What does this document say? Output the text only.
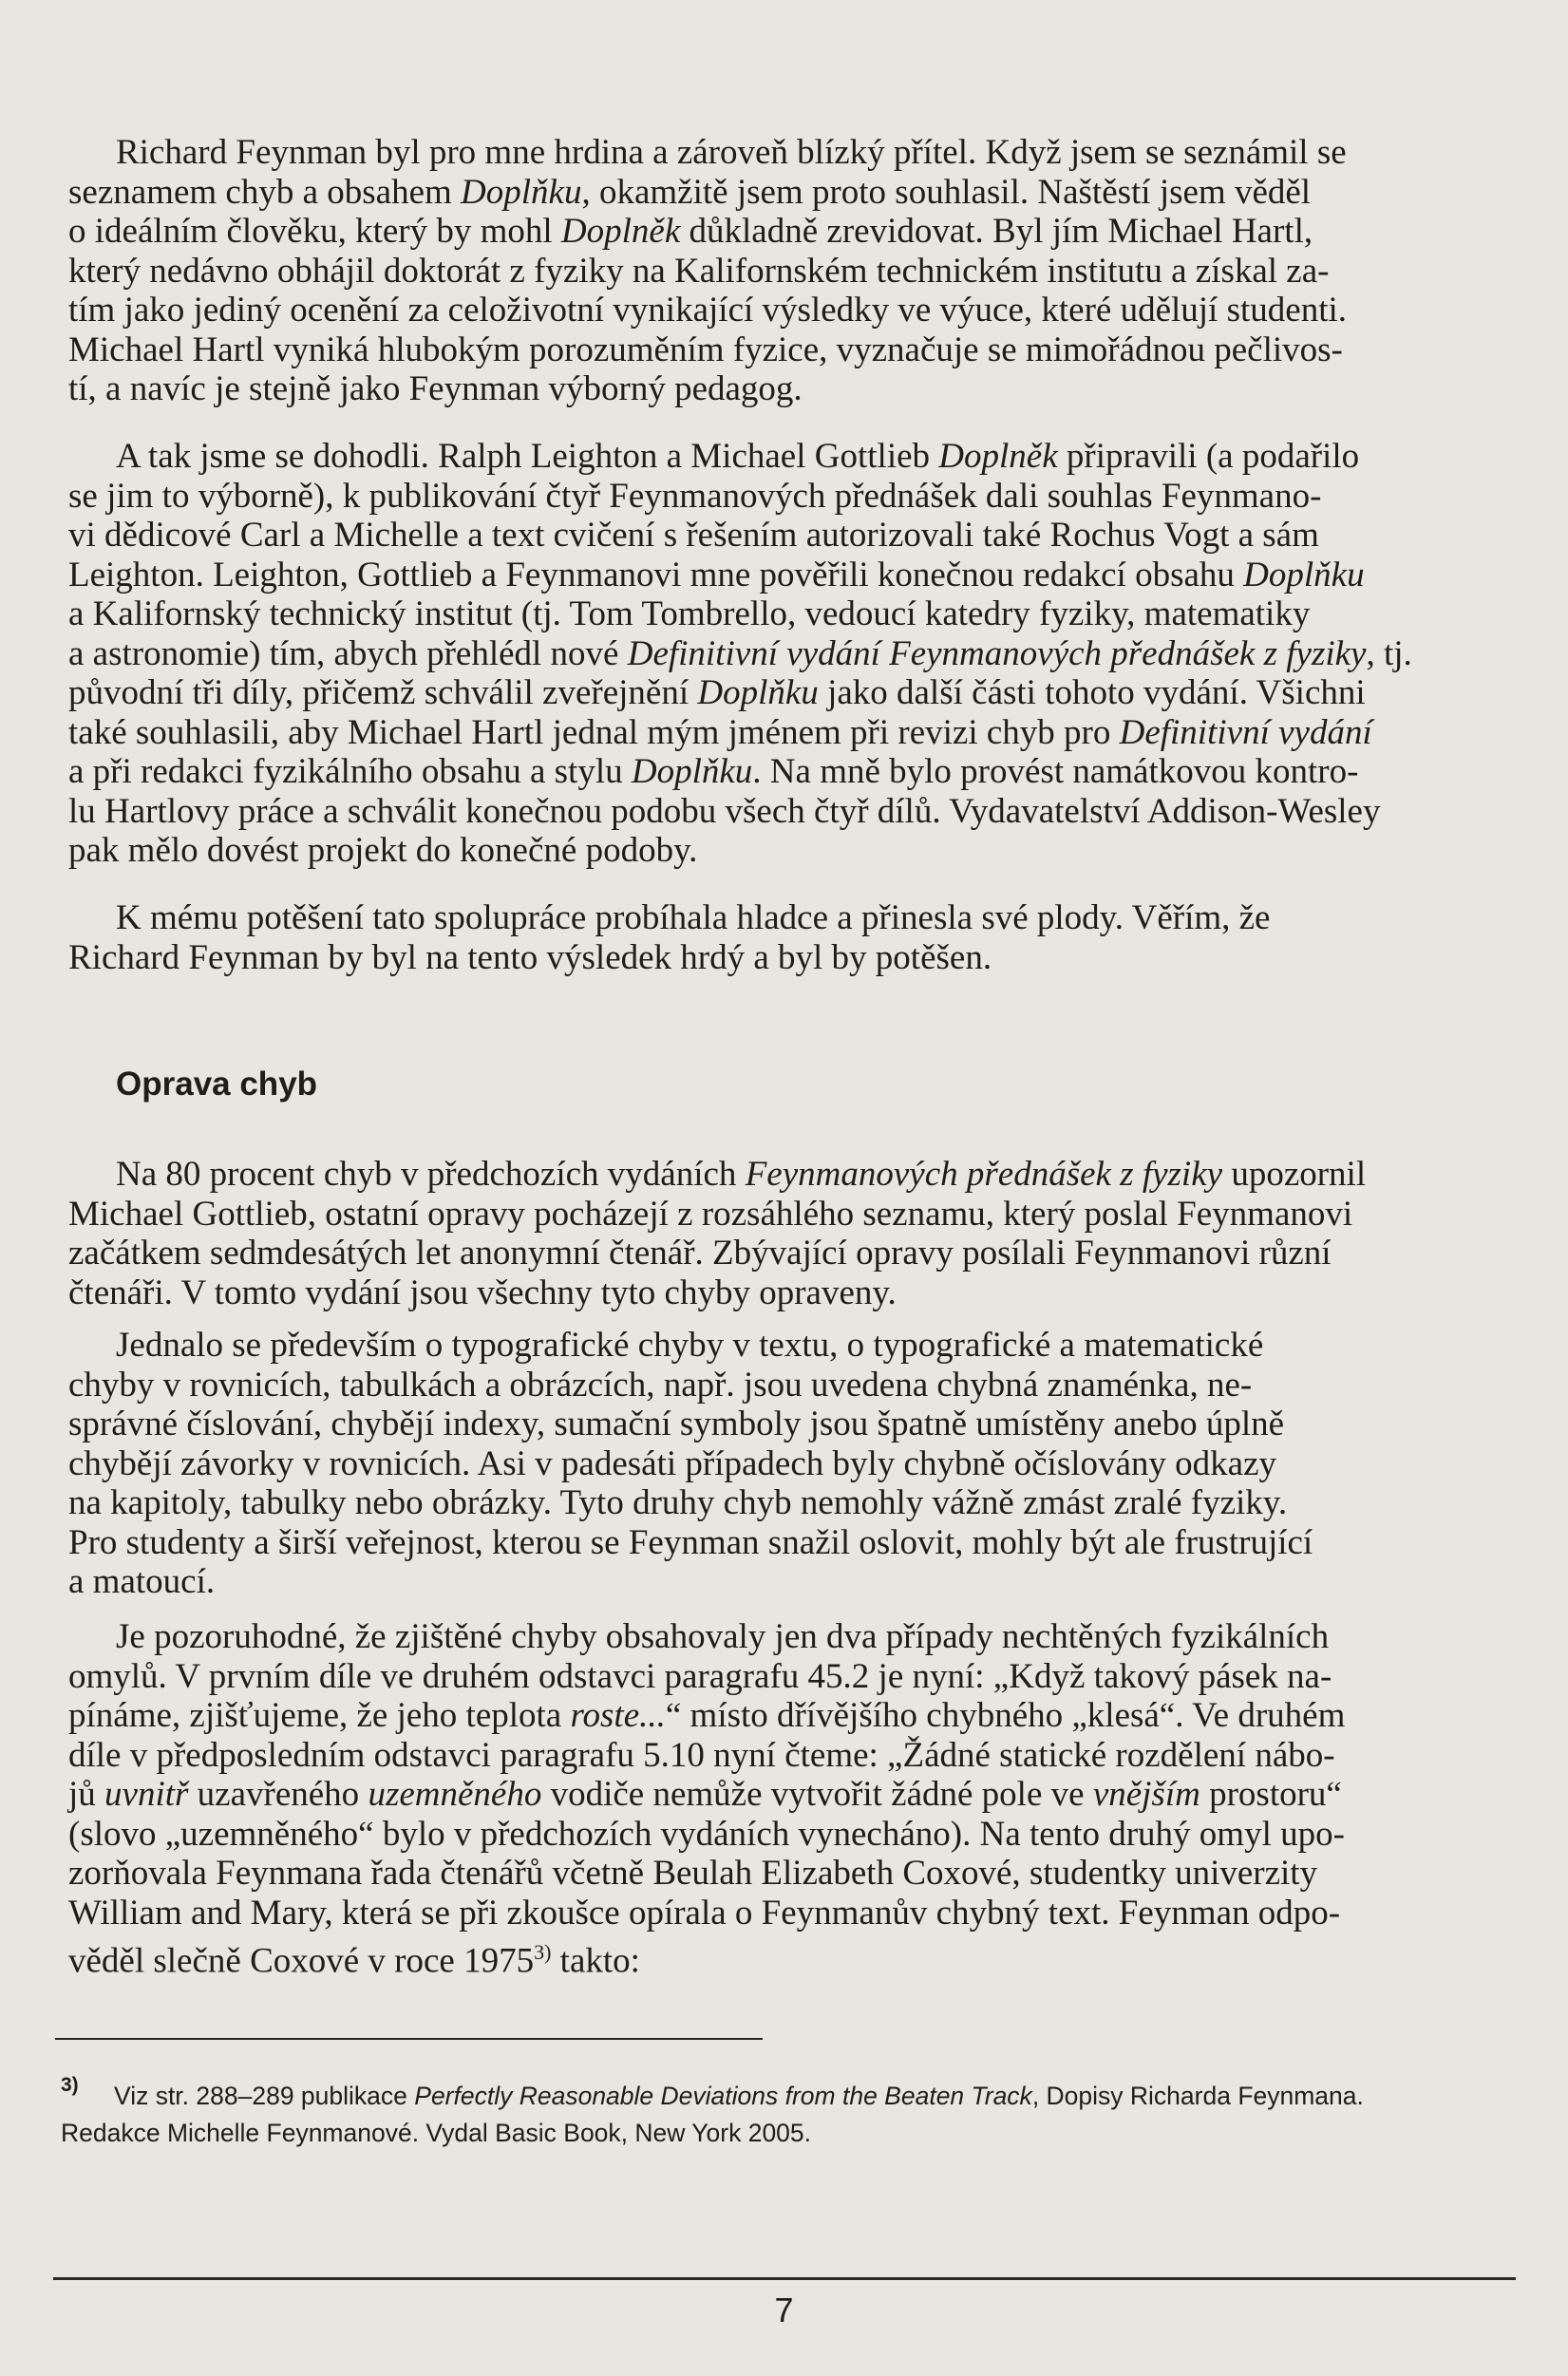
Richard Feynman byl pro mne hrdina a zároveň blízký přítel. Když jsem se seznámil se
seznamem chyb a obsahem Doplňku, okamžitě jsem proto souhlasil. Naštěstí jsem věděl
o ideálním člověku, který by mohl Doplněk důkladně zrevidovat. Byl jím Michael Hartl,
který nedávno obhájil doktorát z fyziky na Kalifornském technickém institutu a získal za-
tím jako jediný ocenění za celoživotní vynikající výsledky ve výuce, které udělují studenti.
Michael Hartl vyniká hlubokým porozuměním fyzice, vyznačuje se mimořádnou pečlivos-
tí, a navíc je stejně jako Feynman výborný pedagog.
A tak jsme se dohodli. Ralph Leighton a Michael Gottlieb Doplněk připravili (a podařilo
se jim to výborně), k publikování čtyř Feynmanových přednášek dali souhlas Feynmano-
vi dědicové Carl a Michelle a text cvičení s řešením autorizovali také Rochus Vogt a sám
Leighton. Leighton, Gottlieb a Feynmanovi mne pověřili konečnou redakcí obsahu Doplňku
a Kalifornský technický institut (tj. Tom Tombrello, vedoucí katedry fyziky, matematiky
a astronomie) tím, abych přehlédl nové Definitivní vydání Feynmanových přednášek z fyziky, tj.
původní tři díly, přičemž schválil zveřejnění Doplňku jako další části tohoto vydání. Všichni
také souhlasili, aby Michael Hartl jednal mým jménem při revizi chyb pro Definitivní vydání
a při redakci fyzikálního obsahu a stylu Doplňku. Na mně bylo provést namátkovou kontro-
lu Hartlovy práce a schválit konečnou podobu všech čtyř dílů. Vydavatelství Addison-Wesley
pak mělo dovést projekt do konečné podoby.
K mému potěšení tato spolupráce probíhala hladce a přinesla své plody. Věřím, že
Richard Feynman by byl na tento výsledek hrdý a byl by potěšen.
Oprava chyb
Na 80 procent chyb v předchozích vydáních Feynmanových přednášek z fyziky upozornil
Michael Gottlieb, ostatní opravy pocházejí z rozsáhlého seznamu, který poslal Feynmanovi
začátkem sedmdesátých let anonymní čtenář. Zbývající opravy posílali Feynmanovi různí
čtenáři. V tomto vydání jsou všechny tyto chyby opraveny.
Jednalo se především o typografické chyby v textu, o typografické a matematické
chyby v rovnicích, tabulkách a obrázcích, např. jsou uvedena chybná znaménka, ne-
správné číslování, chybějí indexy, sumační symboly jsou špatně umístěny anebo úplně
chybějí závorky v rovnicích. Asi v padesáti případech byly chybně očíslovány odkazy
na kapitoly, tabulky nebo obrázky. Tyto druhy chyb nemohly vážně zmást zralé fyziky.
Pro studenty a širší veřejnost, kterou se Feynman snažil oslovit, mohly být ale frustrující
a matoucí.
Je pozoruhodné, že zjištěné chyby obsahovaly jen dva případy nechtěných fyzikálních
omylů. V prvním díle ve druhém odstavci paragrafu 45.2 je nyní: „Když takový pásek na-
pínáme, zjišťujeme, že jeho teplota roste...“ místo dřívějšího chybného „klesá“. Ve druhém
díle v předposledním odstavci paragrafu 5.10 nyní čteme: „Žádné statické rozdělení nábo-
jů uvnitř uzavřeného uzemněného vodiče nemůže vytvořit žádné pole ve vnějším prostoru“
(slovo „uzemněného“ bylo v předchozích vydáních vynecháno). Na tento druhý omyl upo-
zorňovala Feynmana řada čtenářů včetně Beulah Elizabeth Coxové, studentky univerzity
William and Mary, která se při zkoušce opírala o Feynmanův chybný text. Feynman odpo-
věděl slečně Coxové v roce 1975$^{3)}$ takto:
3)	Viz str. 288–289 publikace Perfectly Reasonable Deviations from the Beaten Track, Dopisy Richarda Feynmana.
Redakce Michelle Feynmanové. Vydal Basic Book, New York 2005.
7
